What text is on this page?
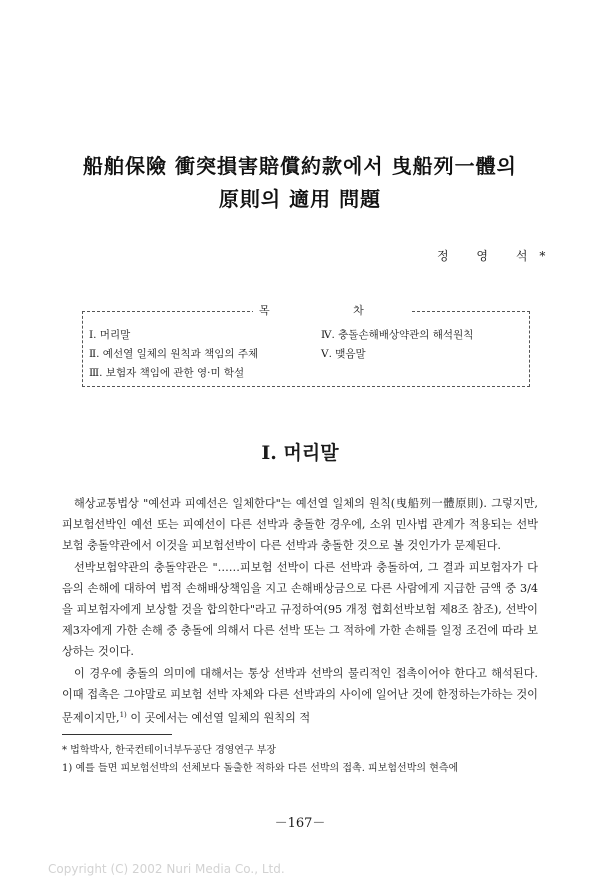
船舶保險 衝突損害賠償約款에서 曳船列一體의
原則의 適用 問題
정 영 석*
목 차
Ⅰ. 머리말
Ⅱ. 예선열 일체의 원칙과 책임의 주체
Ⅲ. 보험자 책임에 관한 영·미 학설
Ⅳ. 충돌손해배상약관의 해석원칙
Ⅴ. 맺음말
Ⅰ. 머리말

해상교통법상 "예선과 피예선은 일체한다"는 예선열 일체의 원칙(曳船列一體原則). 그렇지만, 피보험선박인 예선 또는 피예선이 다른 선박과 충돌한 경우에, 소위 민사법 관계가 적용되는 선박보험 충돌약관에서 이것을 피보험선박이 다른 선박과 충돌한 것으로 볼 것인가가 문제된다.

선박보험약관의 충돌약관은 "……피보험 선박이 다른 선박과 충돌하여, 그 결과 피보험자가 다음의 손해에 대하여 법적 손해배상책임을 지고 손해배상금으로 다른 사람에게 지급한 금액 중 3/4을 피보험자에게 보상할 것을 합의한다"라고 규정하여(95 개정 협회선박보험 제8조 참조), 선박이 제3자에게 가한 손해 중 충돌에 의해서 다른 선박 또는 그 적하에 가한 손해를 일정 조건에 따라 보상하는 것이다.

이 경우에 충돌의 의미에 대해서는 통상 선박과 선박의 물리적인 접촉이어야 한다고 해석된다. 이때 접촉은 그야말로 피보험 선박 자체와 다른 선박과의 사이에 일어난 것에 한정하는가하는 것이 문제이지만,$^{1)}$ 이 곳에서는 예선열 일체의 원칙의 적

* 법학박사, 한국컨테이너부두공단 경영연구 부장
1) 예를 들면 피보험선박의 선체보다 돌출한 적하와 다른 선박의 접촉. 피보험선박의 현측에
－167－
Copyright (C) 2002 Nuri Media Co., Ltd.
